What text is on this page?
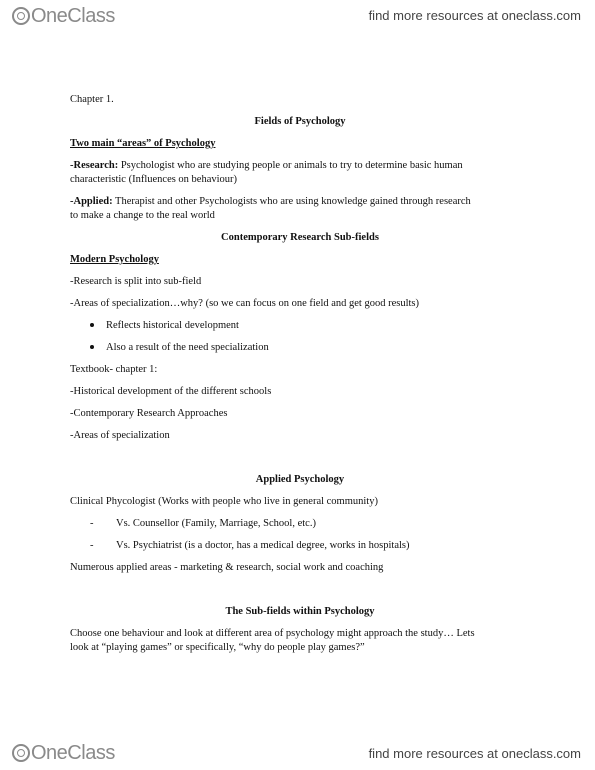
OneClass	find more resources at oneclass.com
Chapter 1.
Fields of Psychology
Two main “areas” of Psychology
-Research: Psychologist who are studying people or animals to try to determine basic human
characteristic (Influences on behaviour)
-Applied: Therapist and other Psychologists who are using knowledge gained through research
to make a change to the real world
Contemporary Research Sub-fields
Modern Psychology
-Research is split into sub-field
-Areas of specialization…why? (so we can focus on one field and get good results)
Reflects historical development
Also a result of the need specialization
Textbook- chapter 1:
-Historical development of the different schools
-Contemporary Research Approaches
-Areas of specialization
Applied Psychology
Clinical Phycologist (Works with people who live in general community)
- Vs. Counsellor (Family, Marriage, School, etc.)
- Vs. Psychiatrist (is a doctor, has a medical degree, works in hospitals)
Numerous applied areas - marketing & research, social work and coaching
The Sub-fields within Psychology
Choose one behaviour and look at different area of psychology might approach the study… Lets
look at “playing games” or specifically, “why do people play games?”
OneClass	find more resources at oneclass.com
